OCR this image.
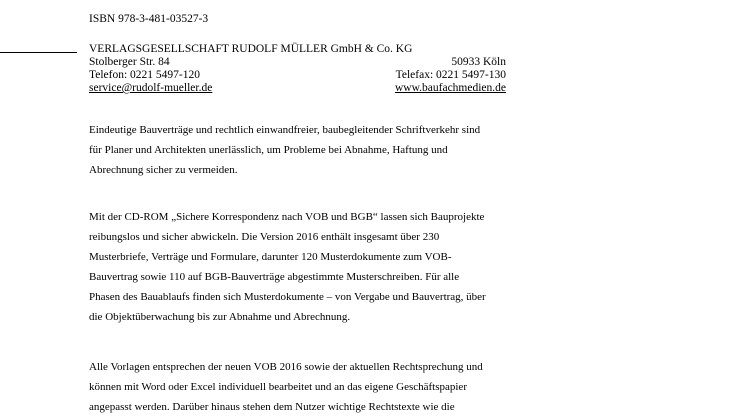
ISBN 978-3-481-03527-3
VERLAGSGESELLSCHAFT RUDOLF MÜLLER GmbH & Co. KG
Stolberger Str. 84	50933 Köln
Telefon: 0221 5497-120	Telefax: 0221 5497-130
service@rudolf-mueller.de	www.baufachmedien.de
Eindeutige Bauverträge und rechtlich einwandfreier, baubegleitender Schriftverkehr sind
für Planer und Architekten unerlässlich, um Probleme bei Abnahme, Haftung und
Abrechnung sicher zu vermeiden.
Mit der CD-ROM „Sichere Korrespondenz nach VOB und BGB“ lassen sich Bauprojekte
reibungslos und sicher abwickeln. Die Version 2016 enthält insgesamt über 230
Musterbriefe, Verträge und Formulare, darunter 120 Musterdokumente zum VOB-
Bauvertrag sowie 110 auf BGB-Bauverträge abgestimmte Musterschreiben. Für alle
Phasen des Bauablaufs finden sich Musterdokumente – von Vergabe und Bauvertrag, über
die Objektüberwachung bis zur Abnahme und Abrechnung.
Alle Vorlagen entsprechen der neuen VOB 2016 sowie der aktuellen Rechtsprechung und
können mit Word oder Excel individuell bearbeitet und an das eigene Geschäftspapier
angepasst werden. Darüber hinaus stehen dem Nutzer wichtige Rechtstexte wie die
